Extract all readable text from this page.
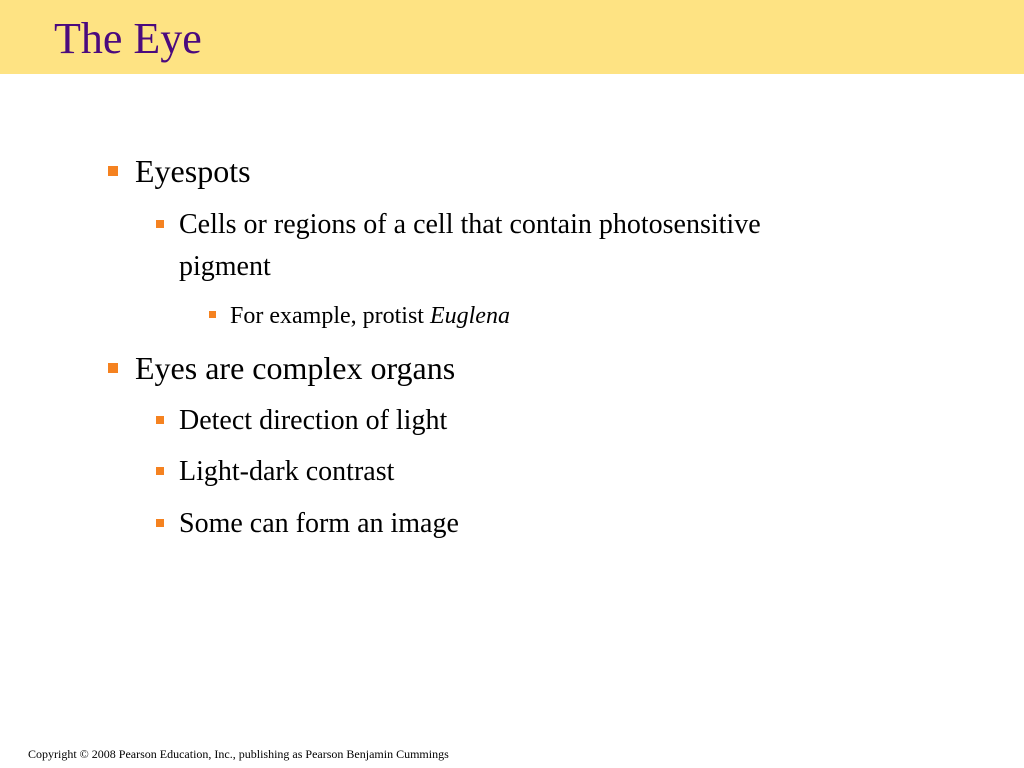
The Eye
Eyespots
Cells or regions of a cell that contain photosensitive
pigment
For example, protist Euglena
Eyes are complex organs
Detect direction of light
Light-dark contrast
Some can form an image
Copyright © 2008 Pearson Education, Inc., publishing as Pearson Benjamin Cummings
